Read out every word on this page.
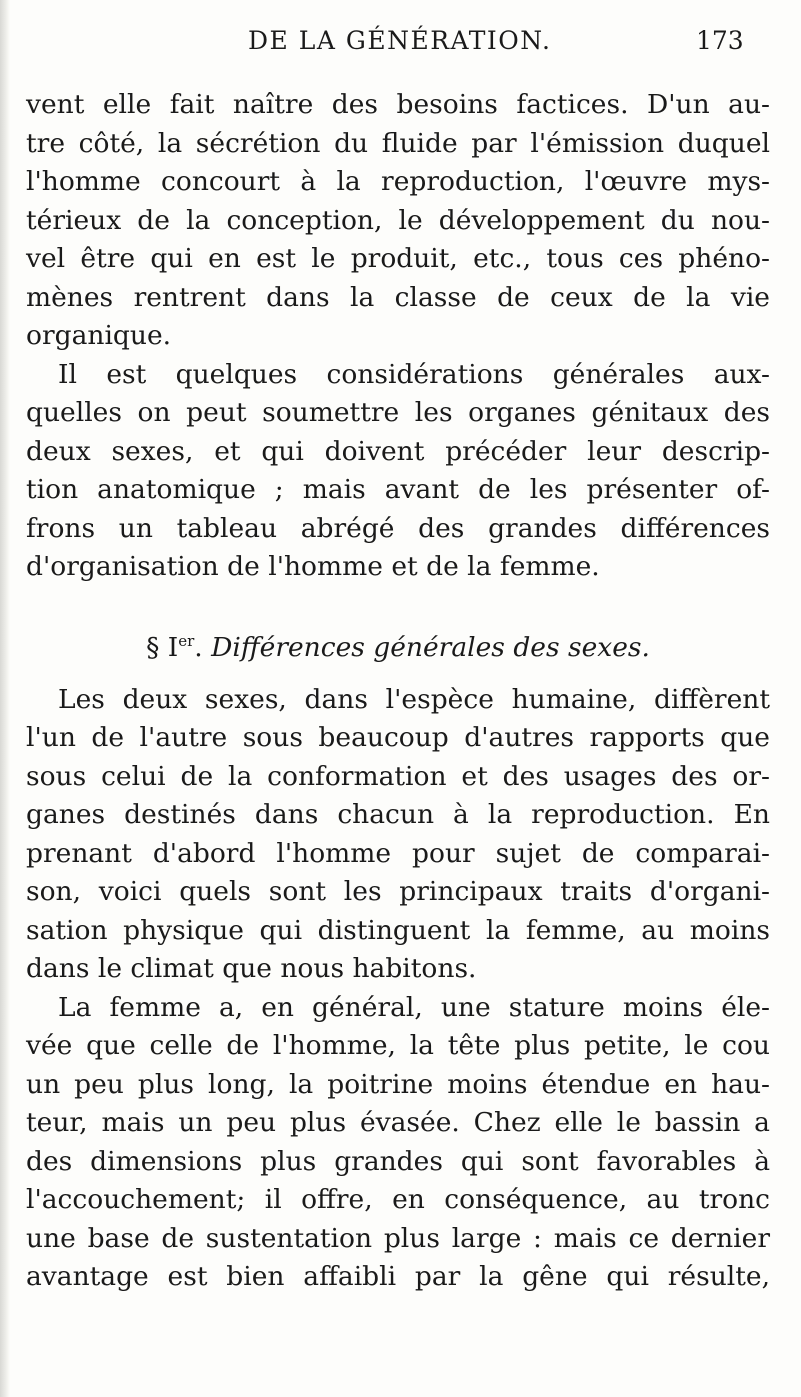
DE LA GÉNÉRATION.	173
vent elle fait naître des besoins factices. D'un au-
tre côté, la sécrétion du fluide par l'émission duquel
l'homme concourt à la reproduction, l'œuvre mys-
térieux de la conception, le développement du nou-
vel être qui en est le produit, etc., tous ces phéno-
mènes rentrent dans la classe de ceux de la vie
organique.
Il est quelques considérations générales aux-
quelles on peut soumettre les organes génitaux des
deux sexes, et qui doivent précéder leur descrip-
tion anatomique ; mais avant de les présenter of-
frons un tableau abrégé des grandes différences
d'organisation de l'homme et de la femme.
§ Ier. Différences générales des sexes.
Les deux sexes, dans l'espèce humaine, diffèrent
l'un de l'autre sous beaucoup d'autres rapports que
sous celui de la conformation et des usages des or-
ganes destinés dans chacun à la reproduction. En
prenant d'abord l'homme pour sujet de comparai-
son, voici quels sont les principaux traits d'organi-
sation physique qui distinguent la femme, au moins
dans le climat que nous habitons.
La femme a, en général, une stature moins éle-
vée que celle de l'homme, la tête plus petite, le cou
un peu plus long, la poitrine moins étendue en hau-
teur, mais un peu plus évasée. Chez elle le bassin a
des dimensions plus grandes qui sont favorables à
l'accouchement; il offre, en conséquence, au tronc
une base de sustentation plus large : mais ce dernier
avantage est bien affaibli par la gêne qui résulte,
